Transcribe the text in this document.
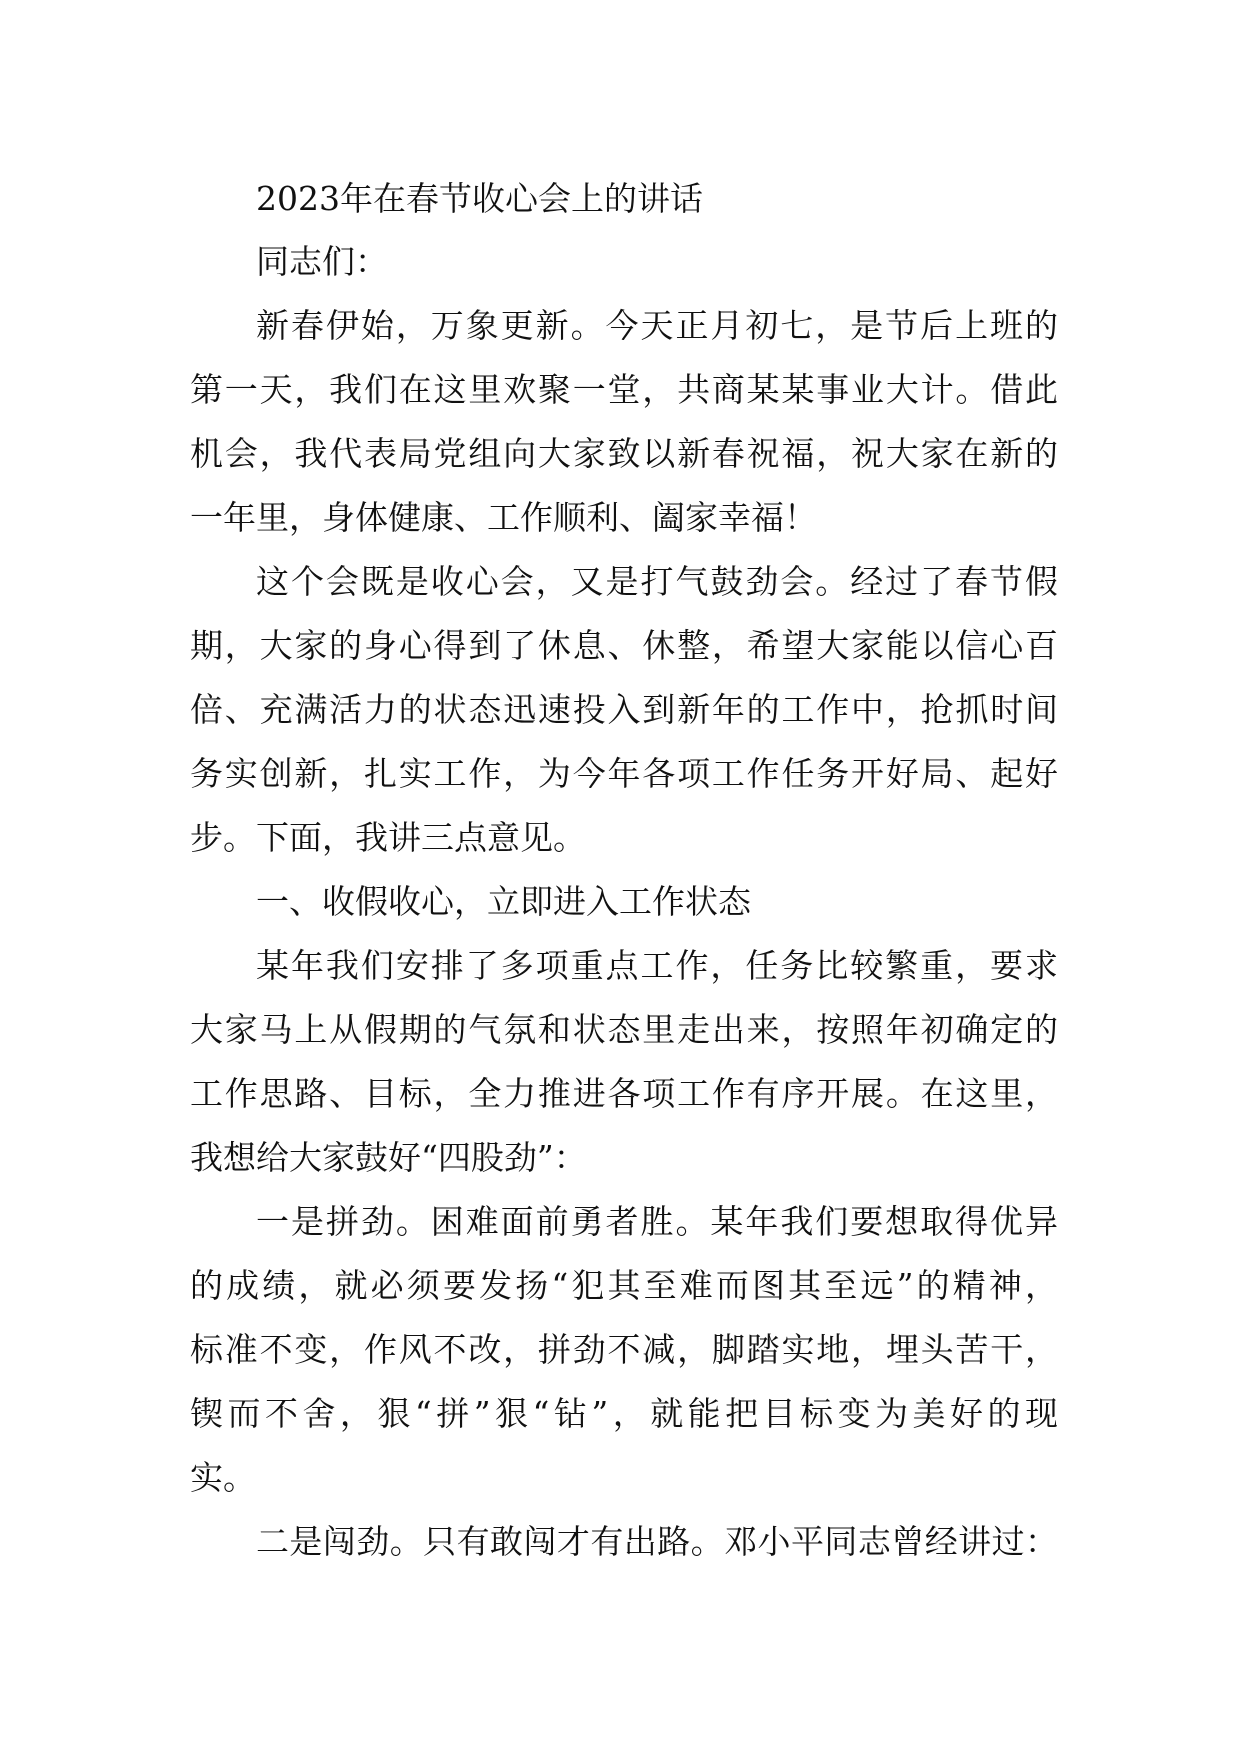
2023年在春节收心会上的讲话
同志们：
新春伊始，万象更新。今天正月初七，是节后上班的
第一天，我们在这里欢聚一堂，共商某某事业大计。借此
机会，我代表局党组向大家致以新春祝福，祝大家在新的
一年里，身体健康、工作顺利、阖家幸福！
这个会既是收心会，又是打气鼓劲会。经过了春节假
期，大家的身心得到了休息、休整，希望大家能以信心百
倍、充满活力的状态迅速投入到新年的工作中，抢抓时间
务实创新，扎实工作，为今年各项工作任务开好局、起好
步。下面，我讲三点意见。
一、收假收心，立即进入工作状态
某年我们安排了多项重点工作，任务比较繁重，要求
大家马上从假期的气氛和状态里走出来，按照年初确定的
工作思路、目标，全力推进各项工作有序开展。在这里，
我想给大家鼓好“四股劲”：
一是拼劲。困难面前勇者胜。某年我们要想取得优异
的成绩，就必须要发扬“犯其至难而图其至远”的精神，
标准不变，作风不改，拼劲不减，脚踏实地，埋头苦干，
锲而不舍，狠“拼”狠“钻”，就能把目标变为美好的现
实。
二是闯劲。只有敢闯才有出路。邓小平同志曾经讲过：
